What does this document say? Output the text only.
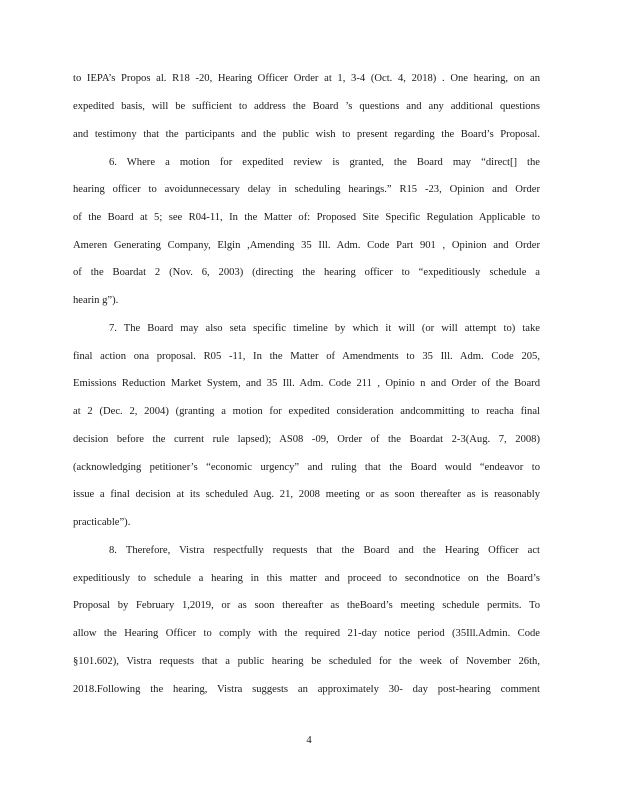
to IEPA’s Propos al. R18 -20, Hearing Officer Order at 1, 3-4 (Oct. 4, 2018) . One hearing, on an
expedited basis, will be sufficient to address the Board ’s questions and any additional questions
and testimony that the participants and the public wish to present regarding the Board’s Proposal.
6. Where a motion for expedited review is granted, the Board may “direct[] the
hearing officer to avoidunnecessary delay in scheduling hearings.” R15 -23, Opinion and Order
of the Board at 5; see R04-11, In the Matter of: Proposed Site Specific Regulation Applicable to
Ameren Generating Company, Elgin ,Amending 35 Ill. Adm. Code Part 901 , Opinion and Order
of the Boardat 2 (Nov. 6, 2003) (directing the hearing officer to “expeditiously schedule a
hearin g”).
7. The Board may also seta specific timeline by which it will (or will attempt to) take
final action ona proposal. R05 -11, In the Matter of Amendments to 35 Ill. Adm. Code 205,
Emissions Reduction Market System, and 35 Ill. Adm. Code 211 , Opinio n and Order of the Board
at 2 (Dec. 2, 2004) (granting a motion for expedited consideration andcommitting to reacha final
decision before the current rule lapsed); AS08 -09, Order of the Boardat 2-3(Aug. 7, 2008)
(acknowledging petitioner’s “economic urgency” and ruling that the Board would “endeavor to
issue a final decision at its scheduled Aug. 21, 2008 meeting or as soon thereafter as is reasonably
practicable”).
8. Therefore, Vistra respectfully requests that the Board and the Hearing Officer act
expeditiously to schedule a hearing in this matter and proceed to secondnotice on the Board’s
Proposal by February 1,2019, or as soon thereafter as theBoard’s meeting schedule permits. To
allow the Hearing Officer to comply with the required 21-day notice period (35Ill.Admin. Code
§101.602), Vistra requests that a public hearing be scheduled for the week of November 26th,
2018.Following the hearing, Vistra suggests an approximately 30- day post-hearing comment
4
